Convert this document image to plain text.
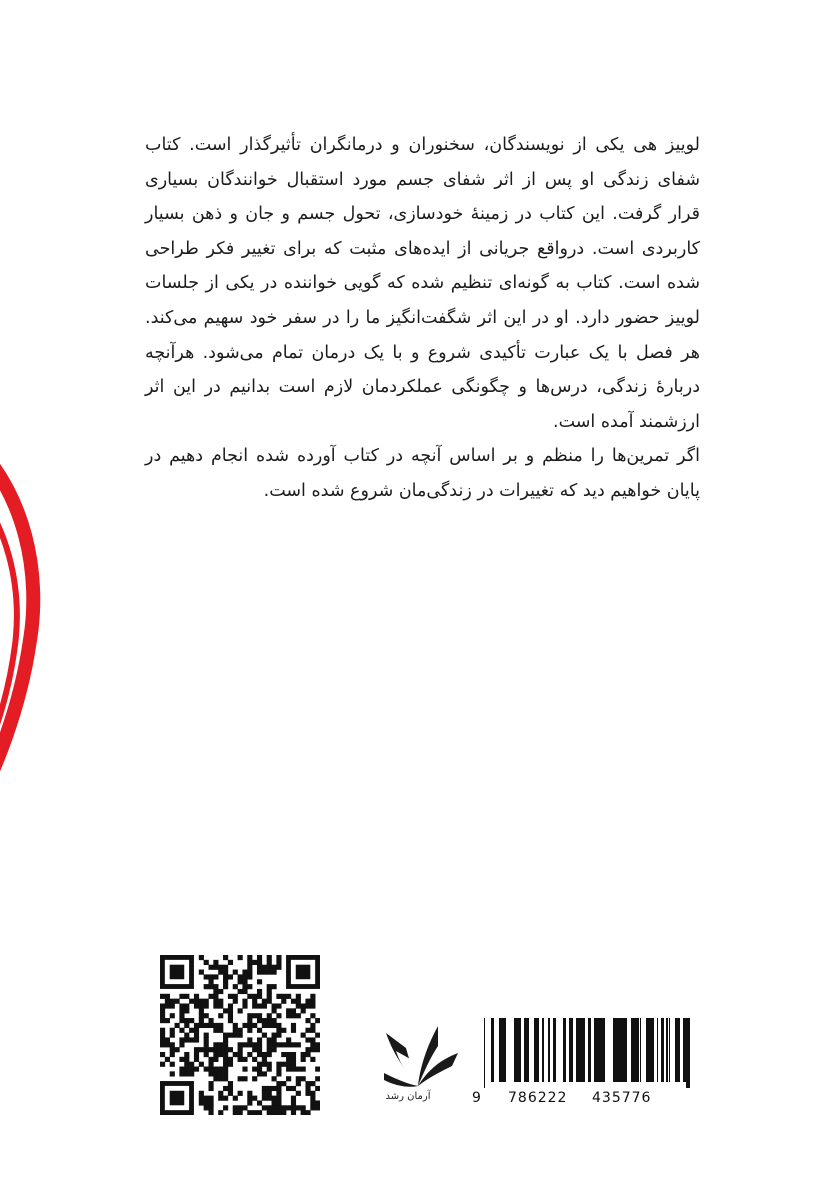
لوییز هی یکی از نویسندگان، سخنوران و درمانگران تأثیرگذار است. کتاب شفای زندگی او پس از اثر شفای جسم مورد استقبال خوانندگان بسیاری قرار گرفت. این کتاب در زمینهٔ خودسازی، تحول جسم و جان و ذهن بسیار کاربردی است. درواقع جریانی از ایده‌های مثبت که برای تغییر فکر طراحی شده است. کتاب به گونه‌ای تنظیم شده که گویی خواننده در یکی از جلسات لوییز حضور دارد. او در این اثر شگفت‌انگیز ما را در سفر خود سهیم می‌کند. هر فصل با یک عبارت تأکیدی شروع و با یک درمان تمام می‌شود. هرآنچه دربارهٔ زندگی، درس‌ها و چگونگی عملکردمان لازم است بدانیم در این اثر ارزشمند آمده است.

اگر تمرین‌ها را منظم و بر اساس آنچه در کتاب آورده شده انجام دهیم در پایان خواهیم دید که تغییرات در زندگی‌مان شروع شده است.

آرمان رشد	9 786222 435776
